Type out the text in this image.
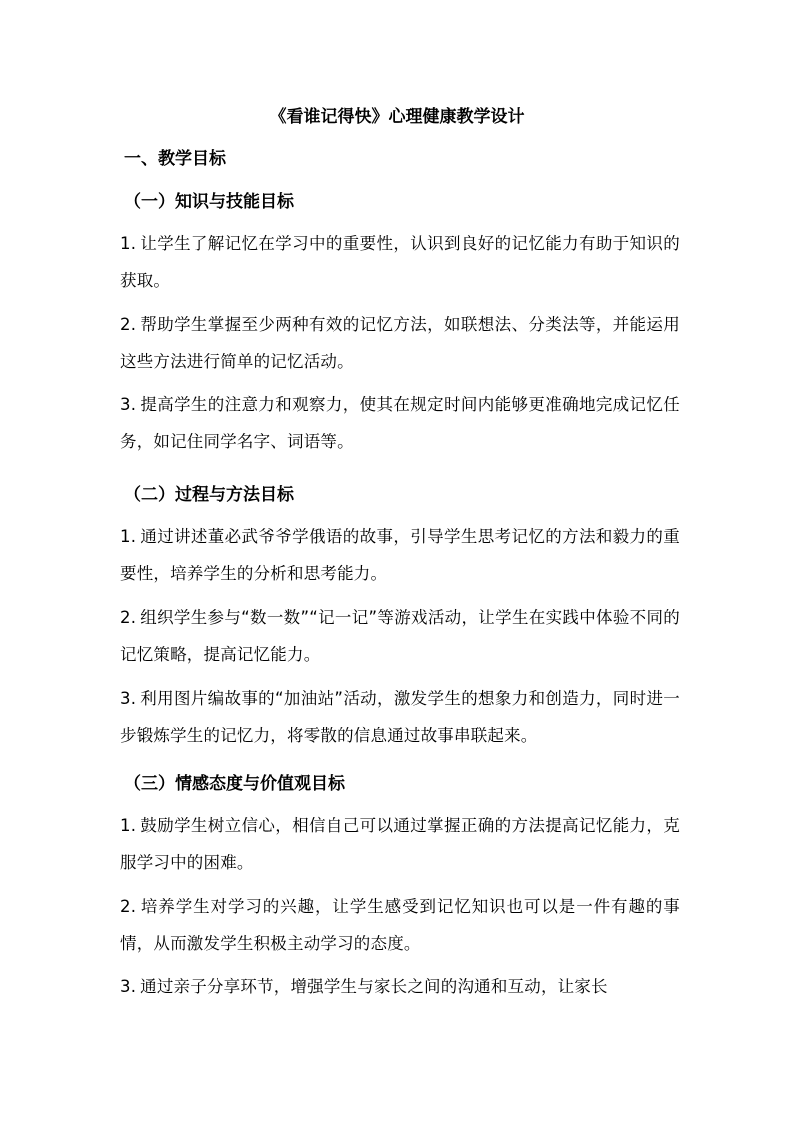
《看谁记得快》心理健康教学设计
一、教学目标
（一）知识与技能目标
1. 让学生了解记忆在学习中的重要性，认识到良好的记忆能力有助于知识的获取。
2. 帮助学生掌握至少两种有效的记忆方法，如联想法、分类法等，并能运用这些方法进行简单的记忆活动。
3. 提高学生的注意力和观察力，使其在规定时间内能够更准确地完成记忆任务，如记住同学名字、词语等。
（二）过程与方法目标
1. 通过讲述董必武爷爷学俄语的故事，引导学生思考记忆的方法和毅力的重要性，培养学生的分析和思考能力。
2. 组织学生参与“数一数”“记一记”等游戏活动，让学生在实践中体验不同的记忆策略，提高记忆能力。
3. 利用图片编故事的“加油站”活动，激发学生的想象力和创造力，同时进一步锻炼学生的记忆力，将零散的信息通过故事串联起来。
（三）情感态度与价值观目标
1. 鼓励学生树立信心，相信自己可以通过掌握正确的方法提高记忆能力，克服学习中的困难。
2. 培养学生对学习的兴趣，让学生感受到记忆知识也可以是一件有趣的事情，从而激发学生积极主动学习的态度。
3. 通过亲子分享环节，增强学生与家长之间的沟通和互动，让家长
